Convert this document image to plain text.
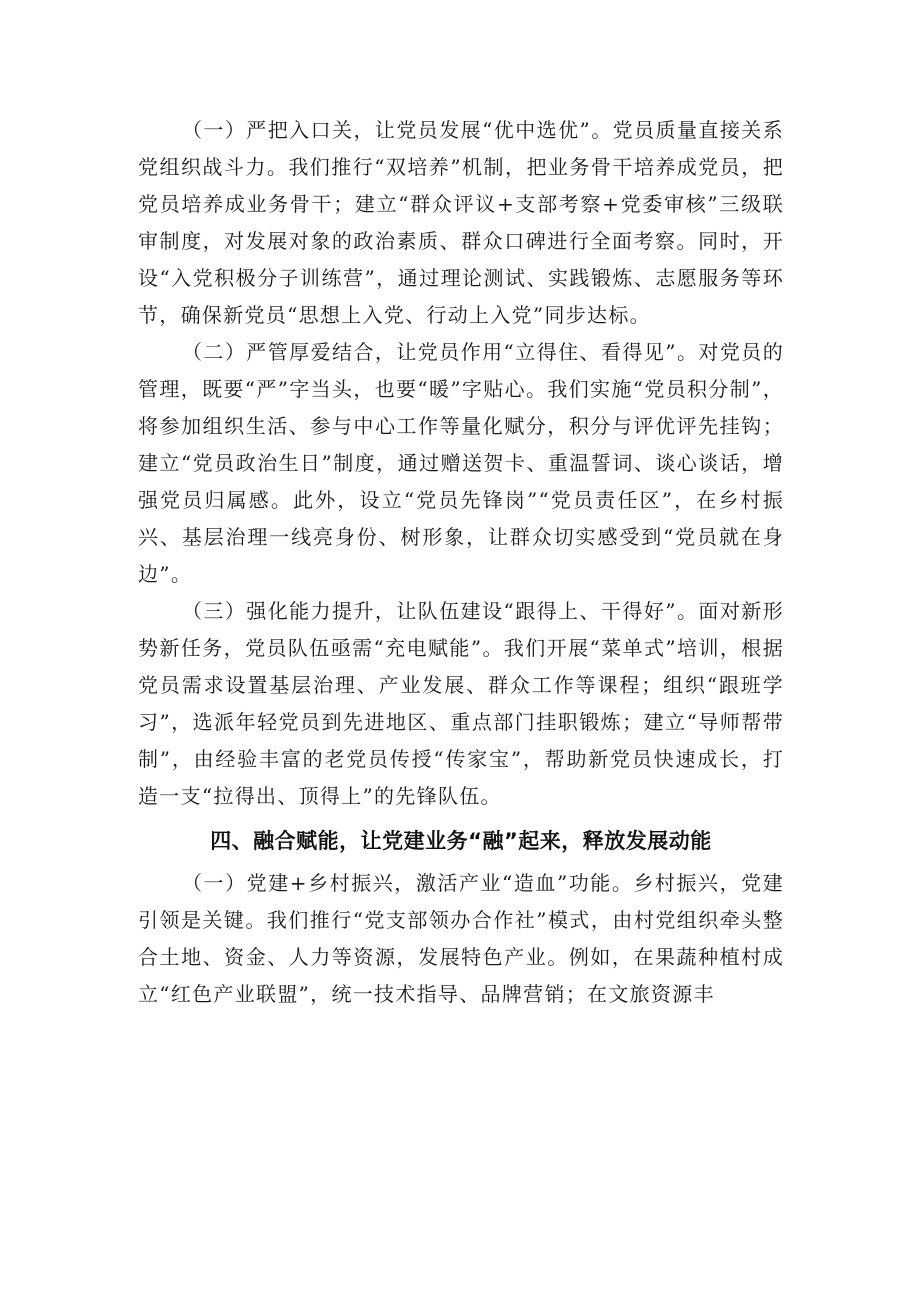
（一）严把入口关，让党员发展“优中选优”。党员质量直接关系党组织战斗力。我们推行“双培养”机制，把业务骨干培养成党员，把党员培养成业务骨干；建立“群众评议+支部考察+党委审核”三级联审制度，对发展对象的政治素质、群众口碑进行全面考察。同时，开设“入党积极分子训练营”，通过理论测试、实践锻炼、志愿服务等环节，确保新党员“思想上入党、行动上入党”同步达标。

（二）严管厚爱结合，让党员作用“立得住、看得见”。对党员的管理，既要“严”字当头，也要“暖”字贴心。我们实施“党员积分制”，将参加组织生活、参与中心工作等量化赋分，积分与评优评先挂钩；建立“党员政治生日”制度，通过赠送贺卡、重温誓词、谈心谈话，增强党员归属感。此外，设立“党员先锋岗”“党员责任区”，在乡村振兴、基层治理一线亮身份、树形象，让群众切实感受到“党员就在身边”。

（三）强化能力提升，让队伍建设“跟得上、干得好”。面对新形势新任务，党员队伍亟需“充电赋能”。我们开展“菜单式”培训，根据党员需求设置基层治理、产业发展、群众工作等课程；组织“跟班学习”，选派年轻党员到先进地区、重点部门挂职锻炼；建立“导师帮带制”，由经验丰富的老党员传授“传家宝”，帮助新党员快速成长，打造一支“拉得出、顶得上”的先锋队伍。

四、融合赋能，让党建业务“融”起来，释放发展动能

（一）党建+乡村振兴，激活产业“造血”功能。乡村振兴，党建引领是关键。我们推行“党支部领办合作社”模式，由村党组织牵头整合土地、资金、人力等资源，发展特色产业。例如，在果蔬种植村成立“红色产业联盟”，统一技术指导、品牌营销；在文旅资源丰
